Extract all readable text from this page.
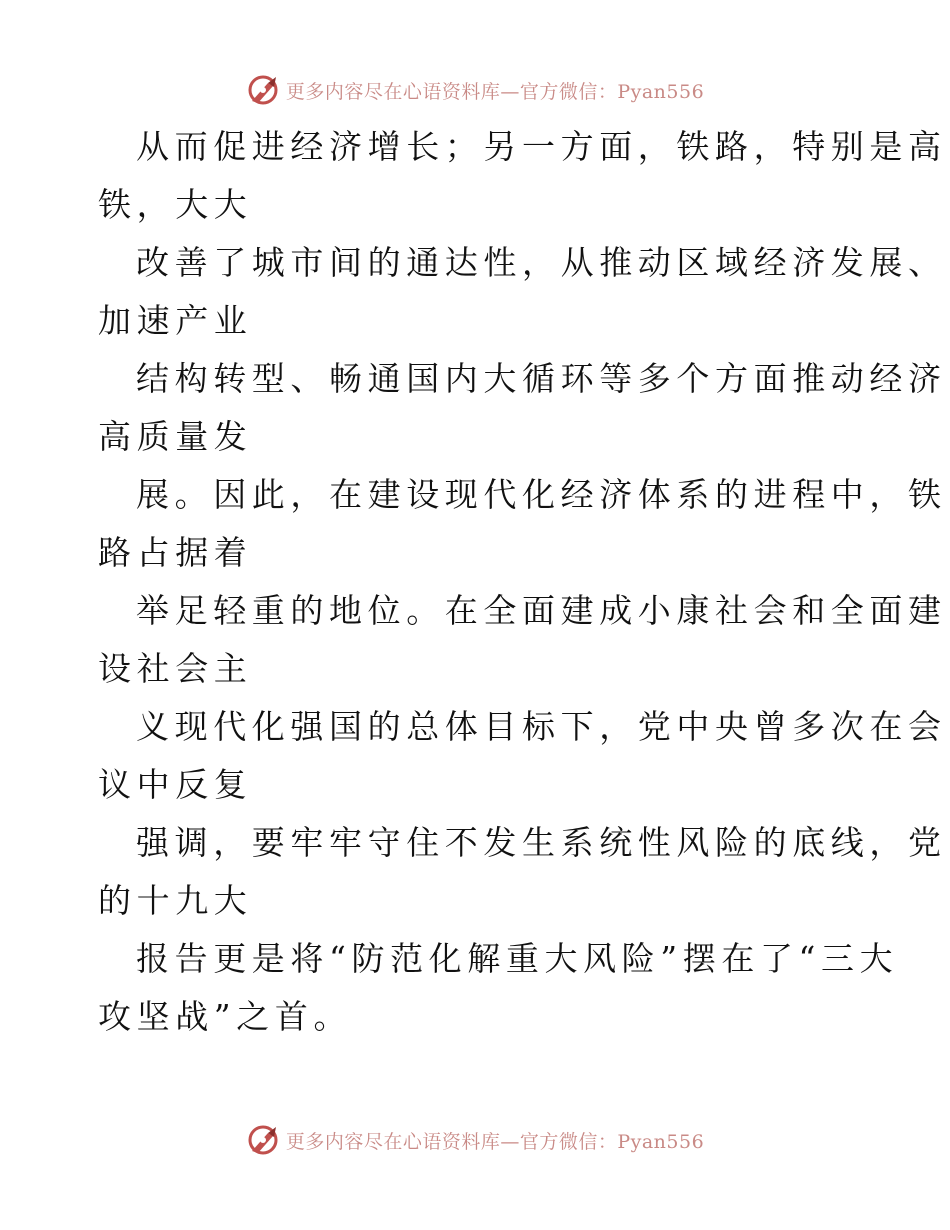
更多内容尽在心语资料库—官方微信：Pyan556
从而促进经济增长；另一方面，铁路，特别是高
铁，大大
改善了城市间的通达性，从推动区域经济发展、
加速产业
结构转型、畅通国内大循环等多个方面推动经济
高质量发
展。因此，在建设现代化经济体系的进程中，铁
路占据着
举足轻重的地位。在全面建成小康社会和全面建
设社会主
义现代化强国的总体目标下，党中央曾多次在会
议中反复
强调，要牢牢守住不发生系统性风险的底线，党
的十九大
报告更是将“防范化解重大风险”摆在了“三大
攻坚战”之首。
更多内容尽在心语资料库—官方微信：Pyan556
